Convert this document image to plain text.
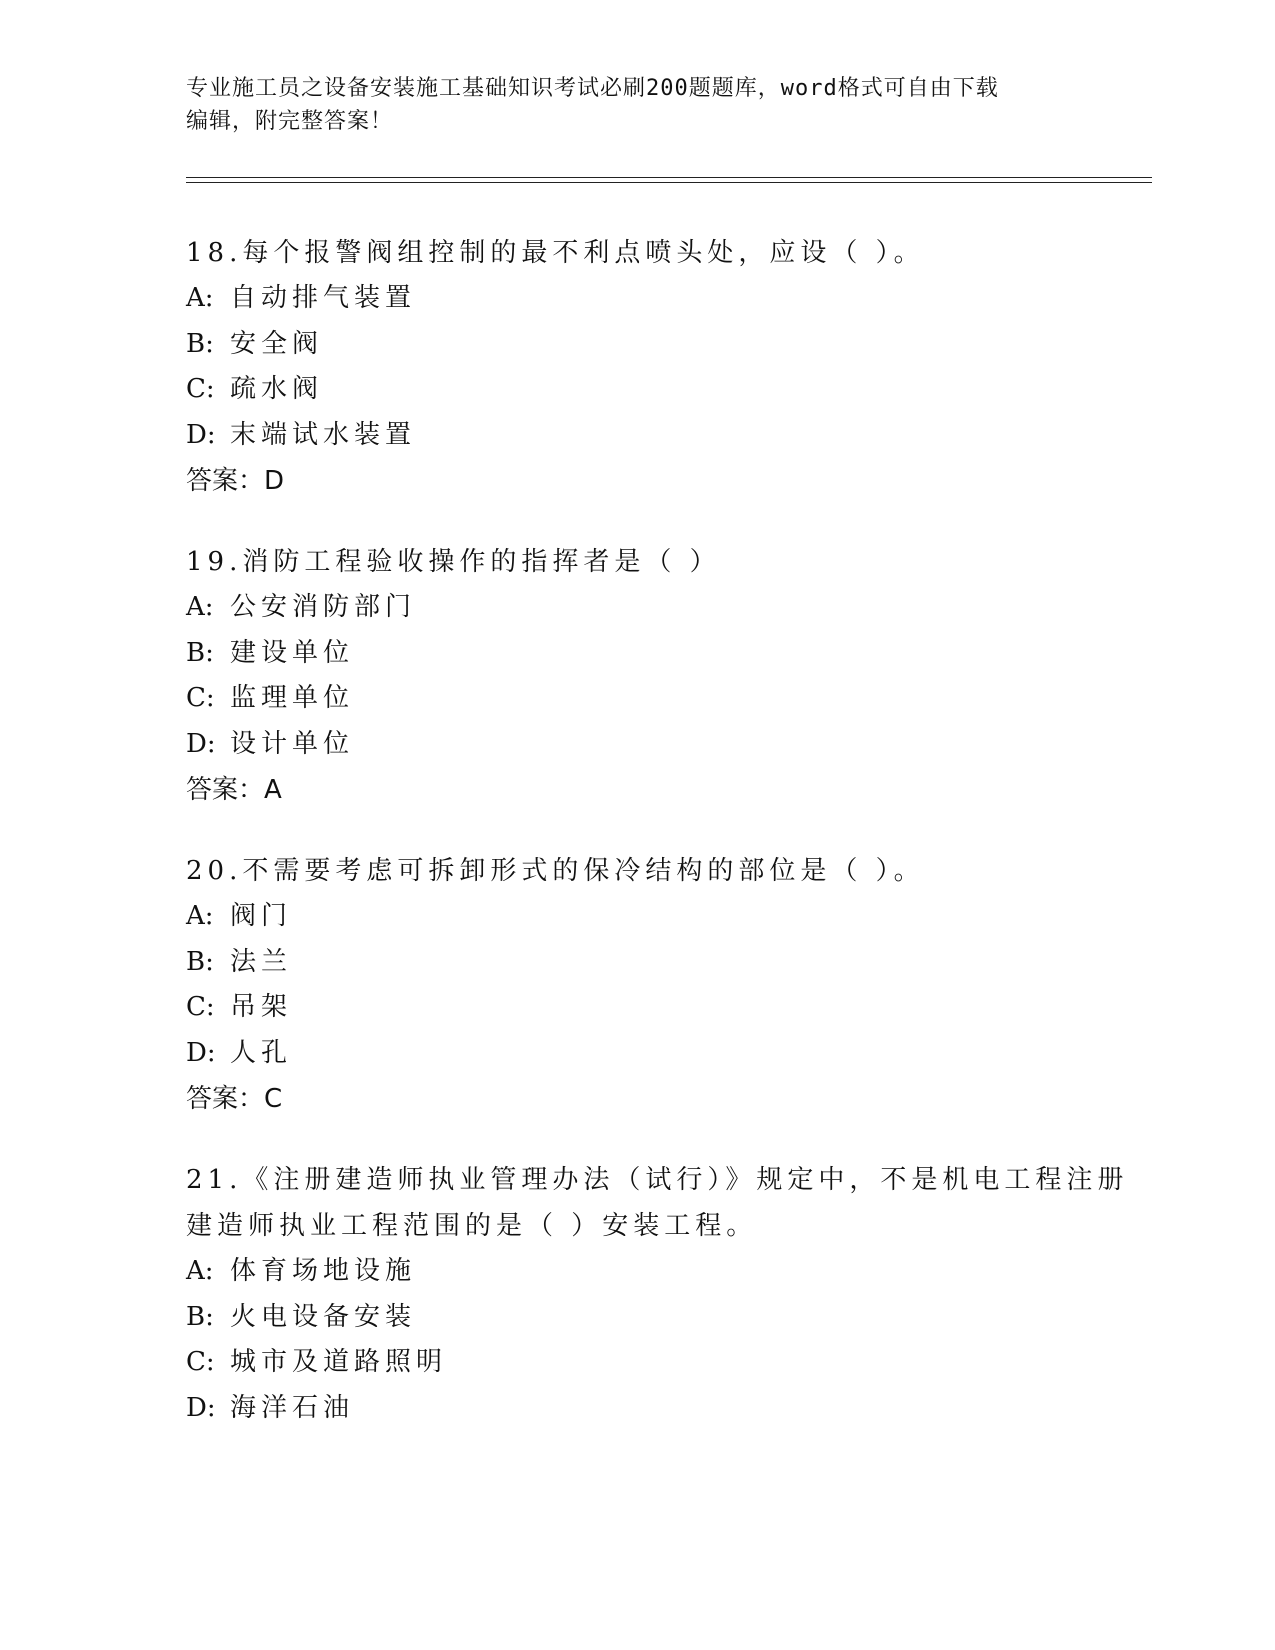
专业施工员之设备安装施工基础知识考试必刷200题题库，word格式可自由下载
编辑，附完整答案！

18.每个报警阀组控制的最不利点喷头处，应设（ ）。

A: 自动排气装置

B: 安全阀

C: 疏水阀

D: 末端试水装置

答案：D

19.消防工程验收操作的指挥者是（ ）

A: 公安消防部门

B: 建设单位

C: 监理单位

D: 设计单位

答案：A

20.不需要考虑可拆卸形式的保冷结构的部位是（ ）。

A: 阀门

B: 法兰

C: 吊架

D: 人孔

答案：C

21.《注册建造师执业管理办法（试行）》规定中，不是机电工程注册建造师执业工程范围的是（ ）安装工程。

A: 体育场地设施

B: 火电设备安装

C: 城市及道路照明

D: 海洋石油
